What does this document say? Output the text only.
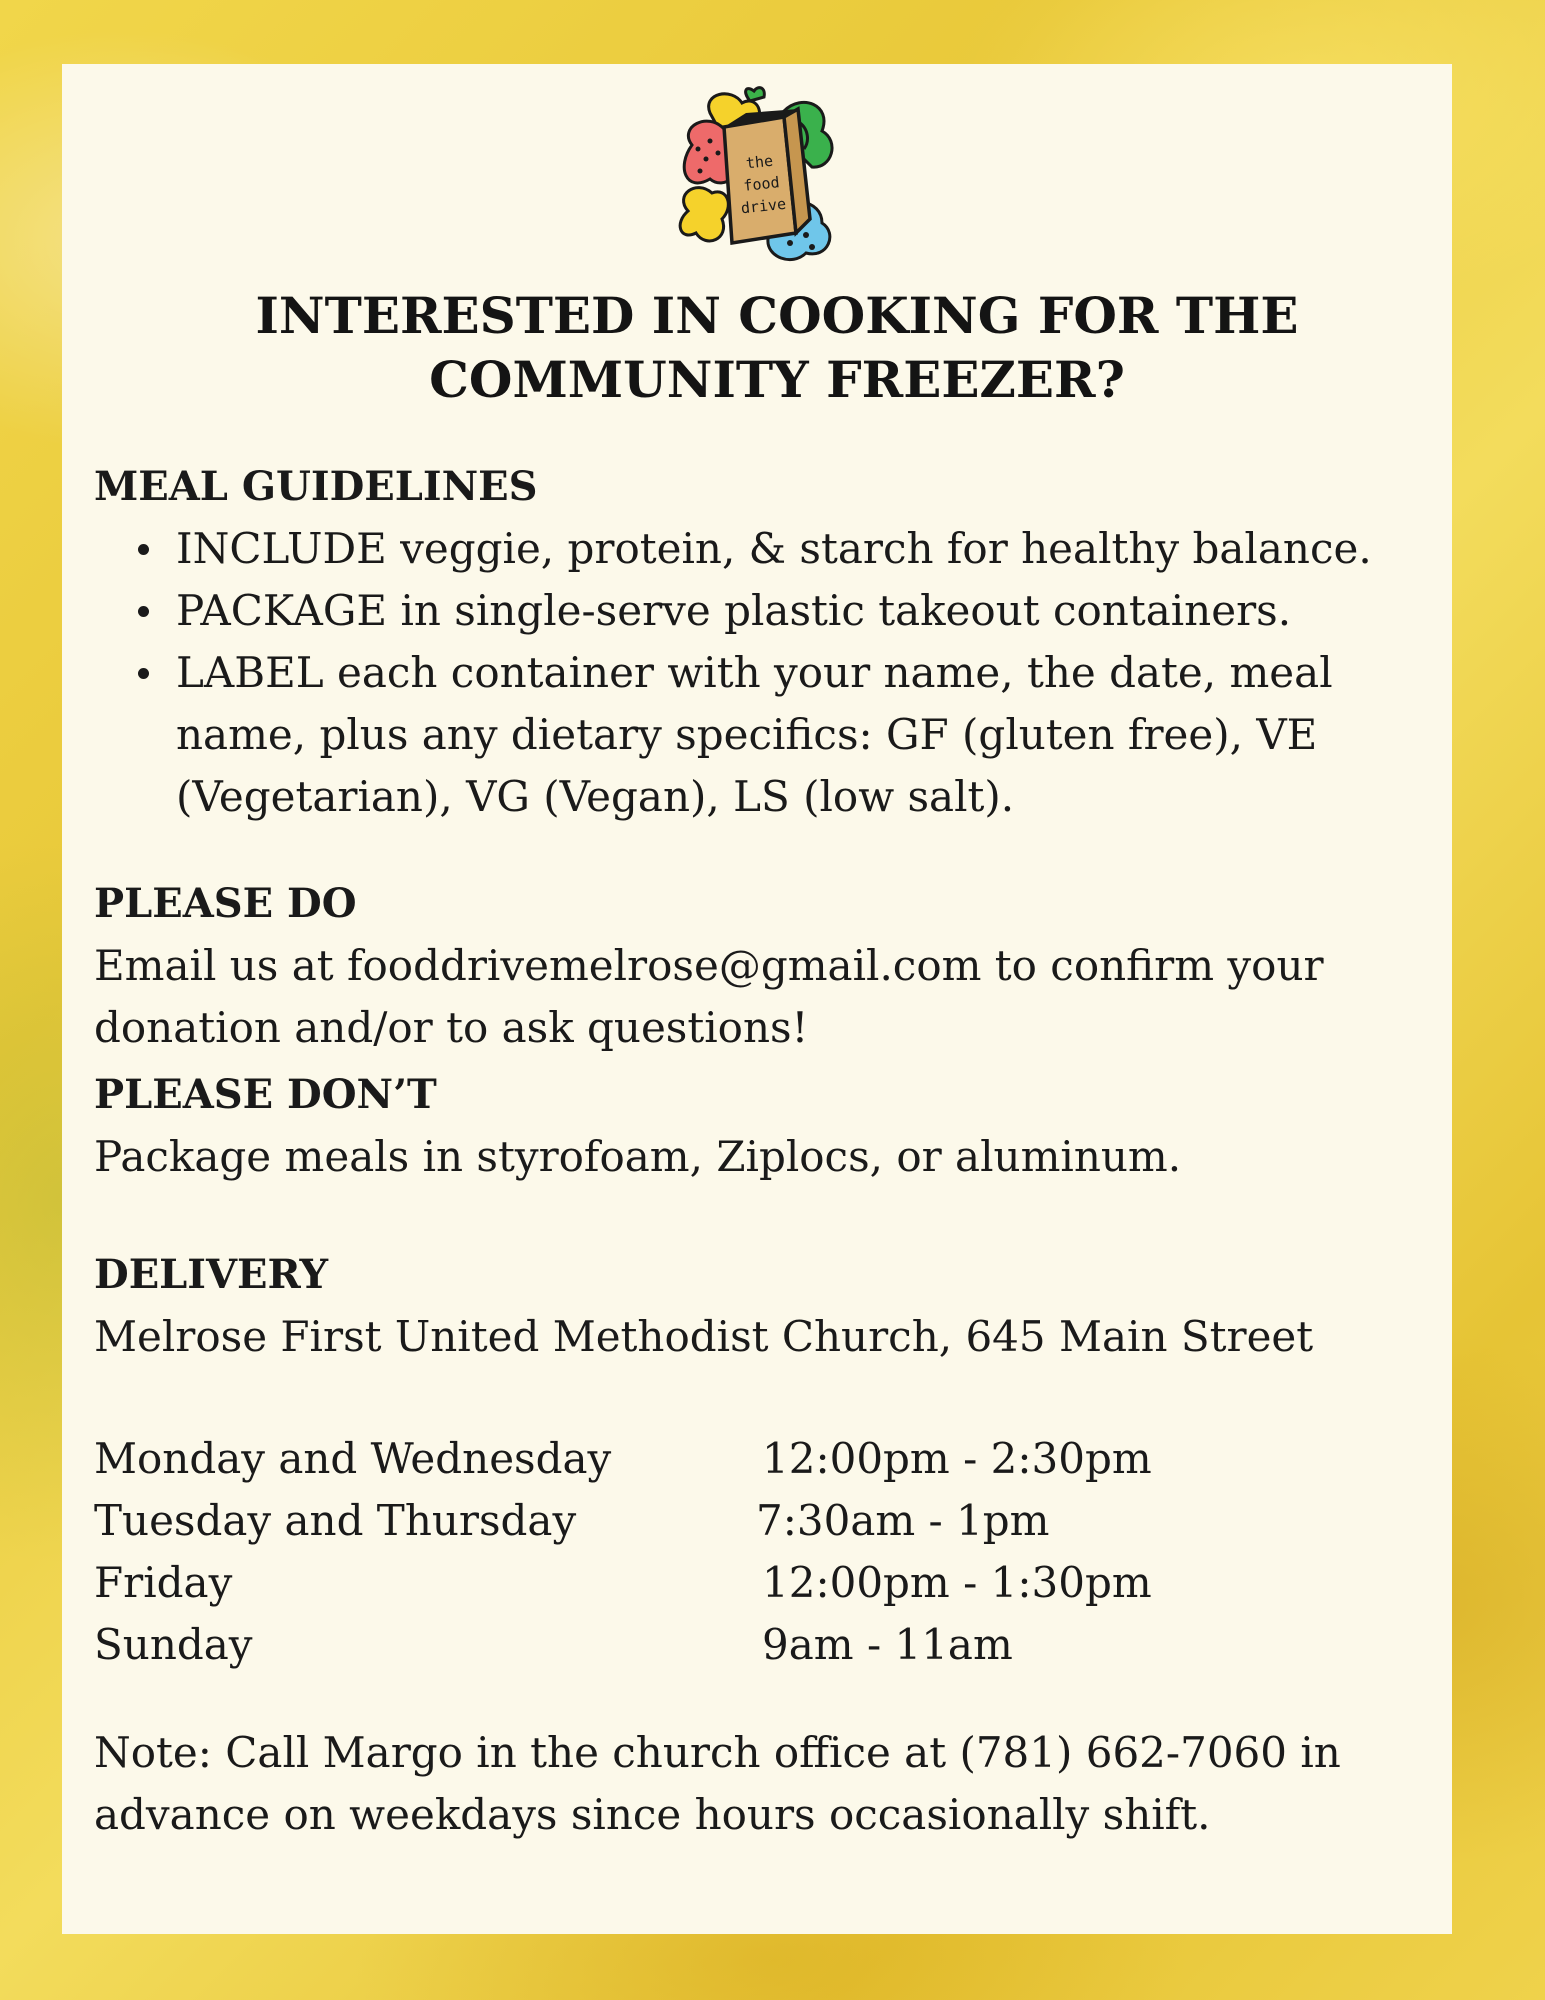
the
food
drive
INTERESTED IN COOKING FOR THE
COMMUNITY FREEZER?
MEAL GUIDELINES
INCLUDE veggie, protein, & starch for healthy balance.
PACKAGE in single-serve plastic takeout containers.
LABEL each container with your name, the date, meal name, plus any dietary specifics: GF (gluten free), VE (Vegetarian), VG (Vegan), LS (low salt).
PLEASE DO
Email us at fooddrivemelrose@gmail.com to confirm your donation and/or to ask questions!
PLEASE DON’T
Package meals in styrofoam, Ziplocs, or aluminum.
DELIVERY
Melrose First United Methodist Church, 645 Main Street
Monday and Wednesday	12:00pm - 2:30pm
Tuesday and Thursday	7:30am - 1pm
Friday	12:00pm - 1:30pm
Sunday	9am - 11am
Note: Call Margo in the church office at (781) 662-7060 in advance on weekdays since hours occasionally shift.
